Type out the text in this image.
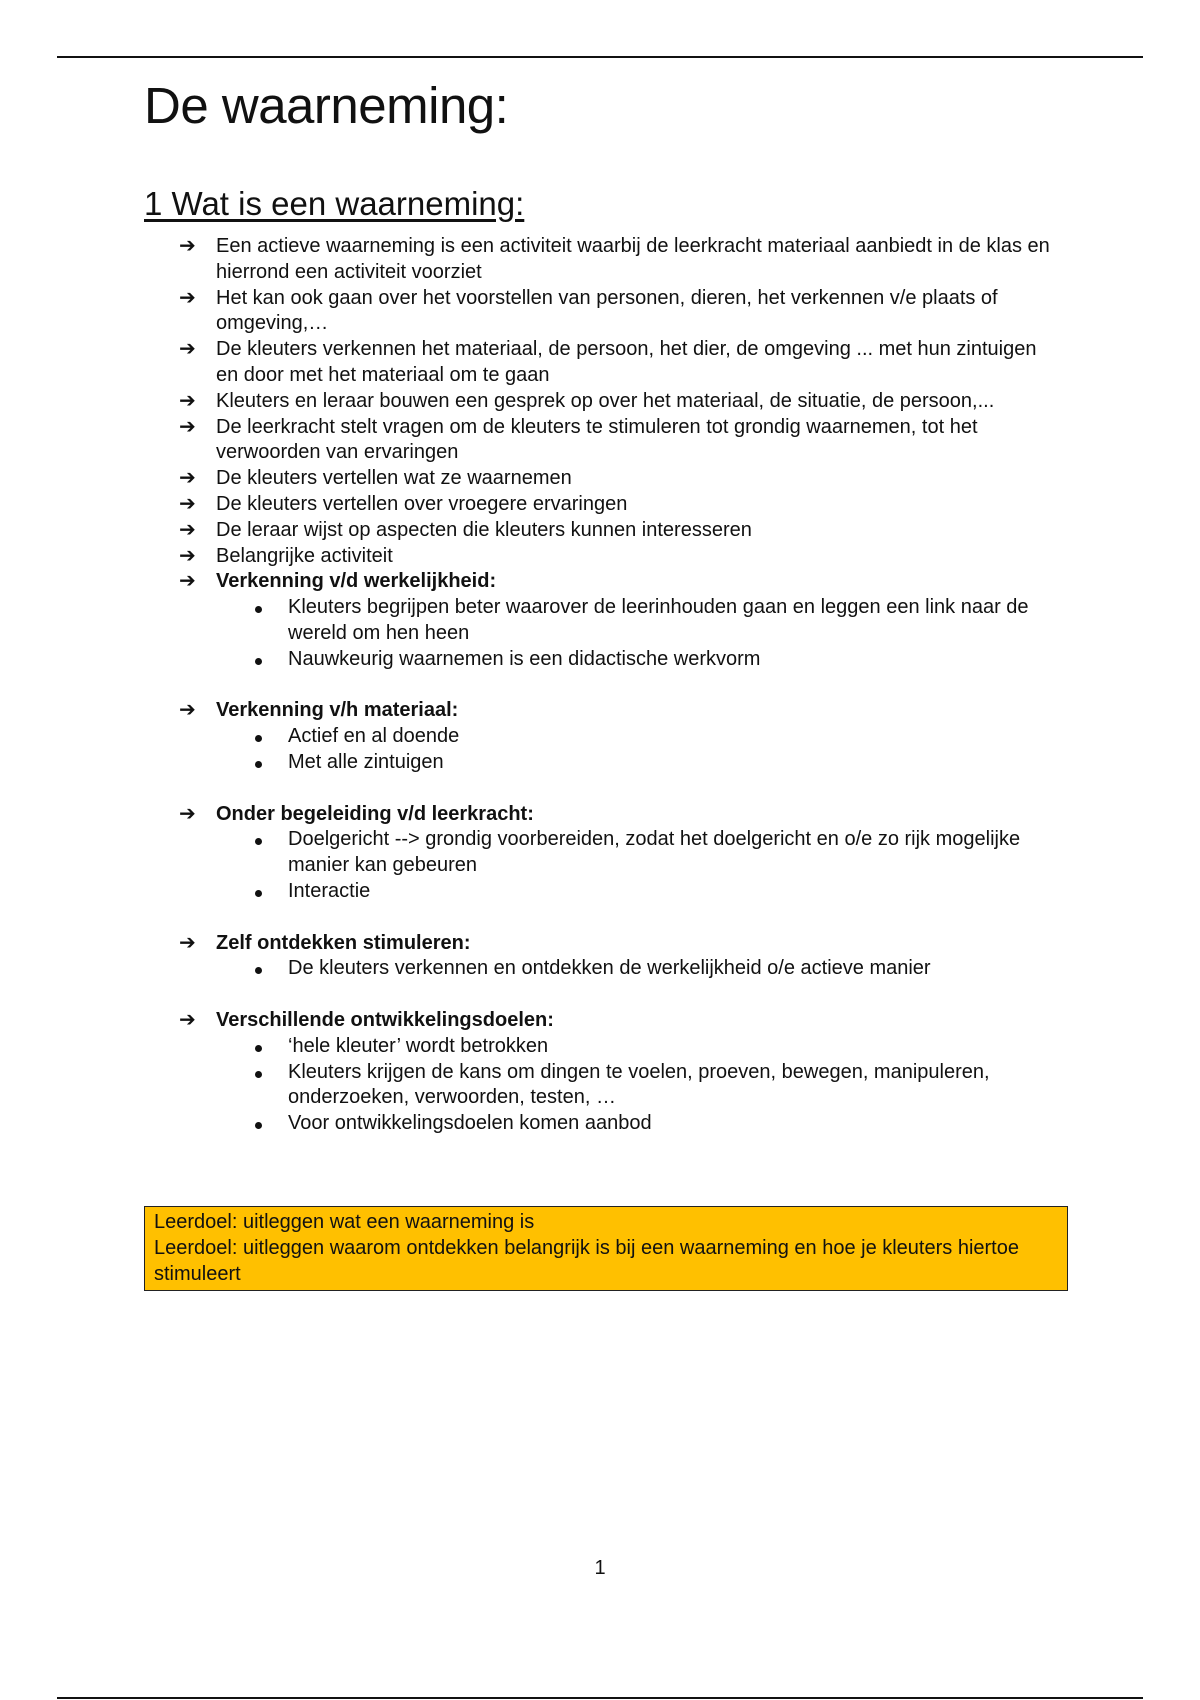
De waarneming:
1 Wat is een waarneming:
➔	Een actieve waarneming is een activiteit waarbij de leerkracht materiaal aanbiedt in de klas en hierrond een activiteit voorziet
➔	Het kan ook gaan over het voorstellen van personen, dieren, het verkennen v/e plaats of omgeving,…
➔	De kleuters verkennen het materiaal, de persoon, het dier, de omgeving ... met hun zintuigen en door met het materiaal om te gaan
➔	Kleuters en leraar bouwen een gesprek op over het materiaal, de situatie, de persoon,...
➔	De leerkracht stelt vragen om de kleuters te stimuleren tot grondig waarnemen, tot het verwoorden van ervaringen
➔	De kleuters vertellen wat ze waarnemen
➔	De kleuters vertellen over vroegere ervaringen
➔	De leraar wijst op aspecten die kleuters kunnen interesseren
➔	Belangrijke activiteit
➔	Verkenning v/d werkelijkheid:
Kleuters begrijpen beter waarover de leerinhouden gaan en leggen een link naar de wereld om hen heen
Nauwkeurig waarnemen is een didactische werkvorm
➔	Verkenning v/h materiaal:
Actief en al doende
Met alle zintuigen
➔	Onder begeleiding v/d leerkracht:
Doelgericht --> grondig voorbereiden, zodat het doelgericht en o/e zo rijk mogelijke manier kan gebeuren
Interactie
➔	Zelf ontdekken stimuleren:
De kleuters verkennen en ontdekken de werkelijkheid o/e actieve manier
➔	Verschillende ontwikkelingsdoelen:
‘hele kleuter’ wordt betrokken
Kleuters krijgen de kans om dingen te voelen, proeven, bewegen, manipuleren, onderzoeken, verwoorden, testen, …
Voor ontwikkelingsdoelen komen aanbod
Leerdoel: uitleggen wat een waarneming is
Leerdoel: uitleggen waarom ontdekken belangrijk is bij een waarneming en hoe je kleuters hiertoe stimuleert
1
